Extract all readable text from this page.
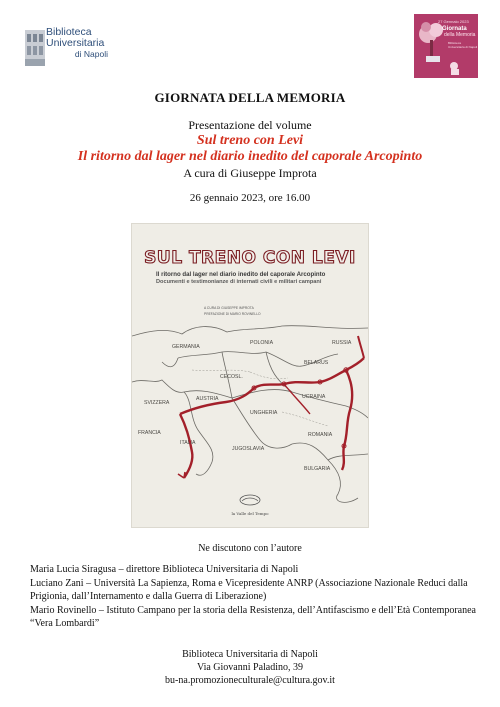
Biblioteca
Universitaria
di Napoli
27 Gennaio 2023
Giornata
della Memoria
Biblioteca Universitaria di Napoli
GIORNATA DELLA MEMORIA
Presentazione del volume
Sul treno con Levi
Il ritorno dal lager nel diario inedito del caporale Arcopinto
A cura di Giuseppe Improta
26 gennaio 2023, ore 16.00
SUL TRENO CON LEVI
Il ritorno dal lager nel diario inedito del caporale Arcopinto
Documenti e testimonianze di internati civili e militari campani
A CURA DI GIUSEPPE IMPROTA
PREFAZIONE DI MARIO ROVINELLO
GERMANIA
POLONIA	RUSSIA
BELARUS
UCRAINA
CECOSL.
AUSTRIA
SVIZZERA
UNGHERIA
ROMANIA
JUGOSLAVIA
BULGARIA
ITALIA
FRANCIA
la Valle del Tempo
Ne discutono con l’autore

Maria Lucia Siragusa – direttore Biblioteca Universitaria di Napoli

Luciano Zani – Università La Sapienza, Roma e Vicepresidente ANRP (Associazione Nazionale Reduci dalla Prigionia, dall’Internamento e dalla Guerra di Liberazione)

Mario Rovinello – Istituto Campano per la storia della Resistenza, dell’Antifascismo e dell’Età Contemporanea “Vera Lombardi”

Biblioteca Universitaria di Napoli
Via Giovanni Paladino, 39
bu-na.promozioneculturale@cultura.gov.it
